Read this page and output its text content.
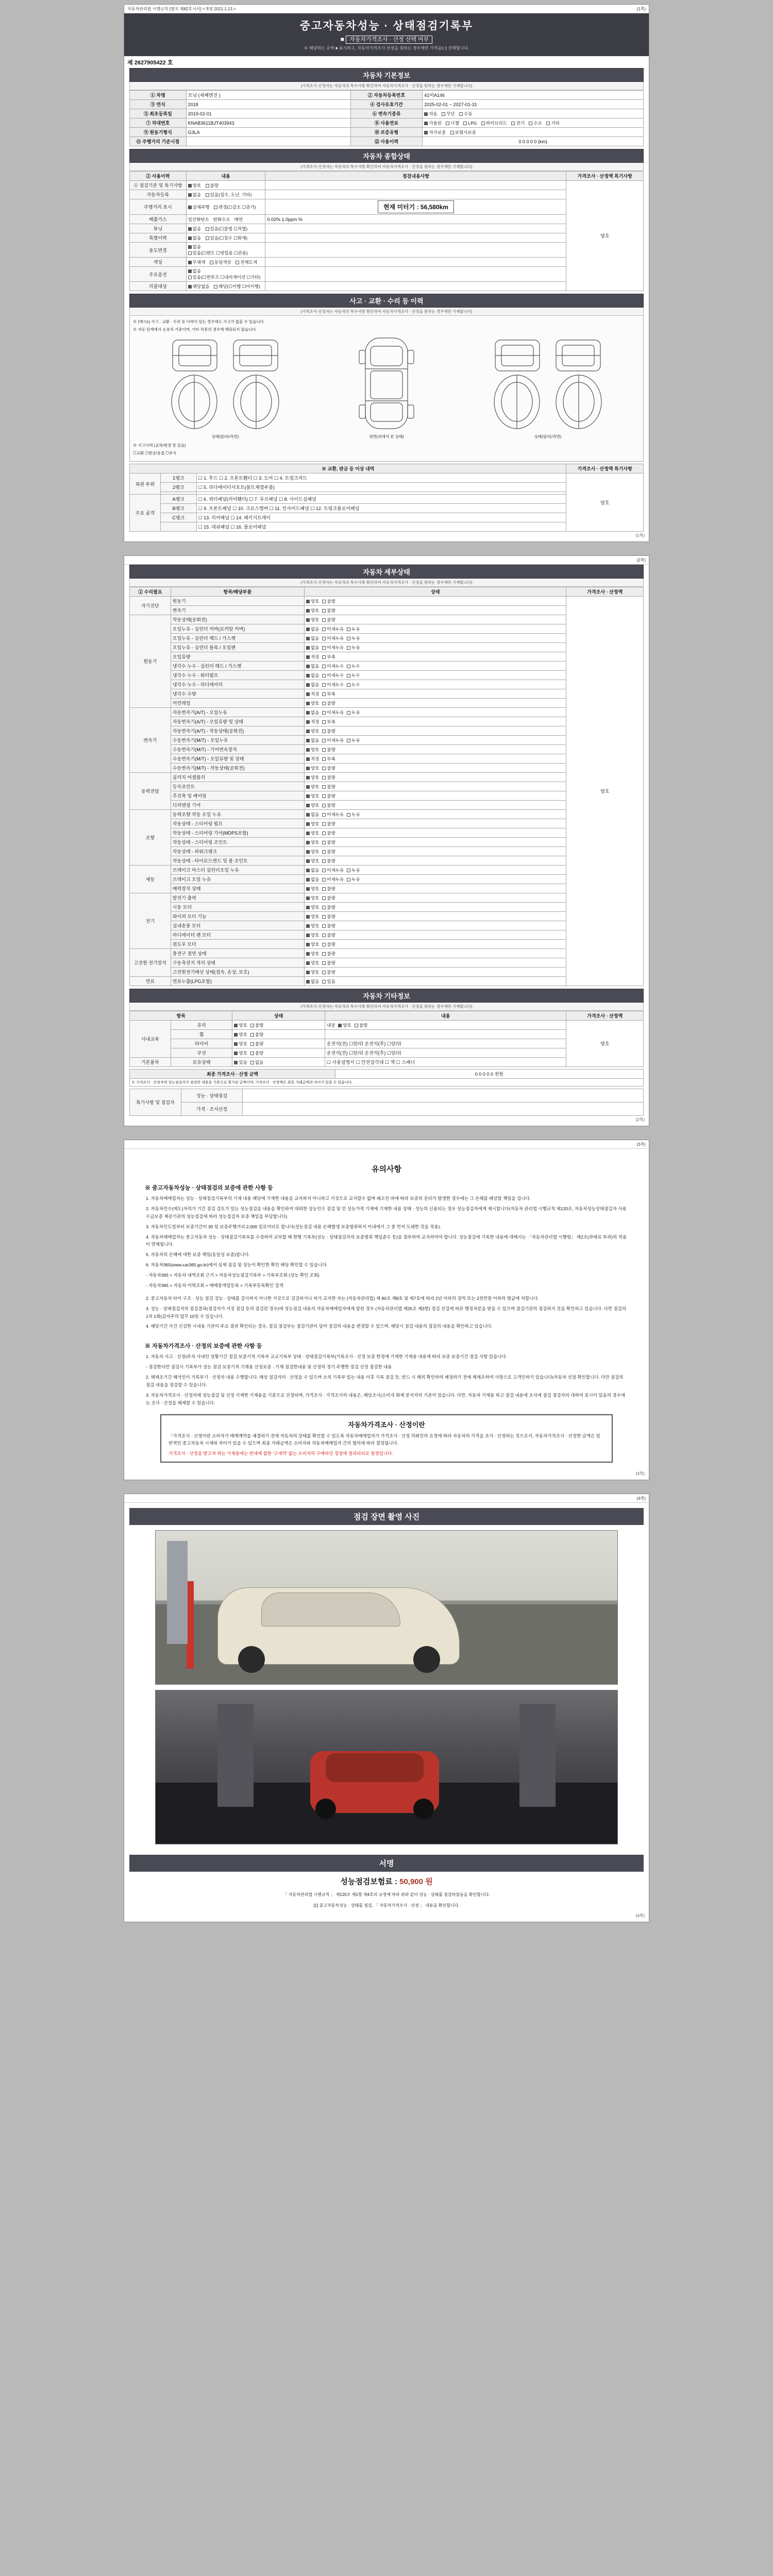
자동차관리법 시행규칙 [별지 제82호서식] <개정 2021.1.13.>	(1쪽)
중고자동차성능 · 상태점검기록부
■ 자동차가격조사 · 산정 선택 여부
※ 해당하는 곳에 ■ 표시하고, 자동차가격조사·산정을 원하는 경우에만 가격을(□) 선택합니다.
제 2627905422 호
자동차 기본정보
(가격조사·산정자는 자동차의 특수사항 확인하여 자동차가격조사 · 산정을 원하는 경우에만 기재합니다)
① 차명	모닝 (세째엔진 )	② 자동차등록번호	41머A146
③ 연식	2018	④ 검사유효기간	2025-02-01 ~ 2027-01-31
⑤ 최초등록일	2019-02-01	⑥ 변속기종류	자동 무단 수동
⑦ 차대번호	KNAB3611BJT403943	⑧ 사용연료	가솔린 디젤 LPG 하이브리드 전기 수소 기타
⑨ 원동기형식	G3LA	⑩ 보증유형	자가보증 보험사보증
⑪ 주행거리 기준시점		⑫ 사용이력	0 0 0 0 0 (km)
자동차 종합상태
(가격조사·산정자는 자동차의 특수사항 확인하여 자동차가격조사 · 산정을 원하는 경우에만 기재합니다)
② 사용이력	내용	점검내용사항	가격조사 · 산정액 특기사항
④ 점검기준 및 특기사항	양호 불량		양호
자동차등록	없음 있음(침수, 도난, 기타)		
주행거리 표시	실제주행 변경(☐감소 ☐증가)	현재 미터기 : 56,580km	
배출가스	일산화탄소 탄화수소 매연	0.02% 1.0ppm %	
튜닝	없음 있음(☐불법 ☐적법)		
특별이력	없음 있음(☐침수 ☐화재)		
용도변경	없음 있음(☐렌트 ☐영업용 ☐관용)		
색상	무채색 동일색상 전체도색		
주요옵션	없음 있음(☐썬루프 ☐내비게이션 ☐기타)		
리콜대상	해당없음 해당(☐이행 ☐미이행)		
사고 · 교환 · 수리 등 이력
(가격조사·산정자는 자동차의 특수사항 확인하여 자동차가격조사 · 산정을 원하는 경우에만 기재합니다)
※ (예시1) 사고 · 교환 · 수리 등 이력이 있는 경우에도 사고가 없을 수 있습니다.
※ 자동 단계에서 승용차 기준이며, 기타 차종의 경우에 해당되지 않습니다.
상태(앞/뒤/측면)	평면(위에서 본 상태)	상태(앞/뒤/측면)
※ 사고이력 (교차/변경 및 있음)
☐교환 ☐판금/용접 ☐부식
※ 교환, 판금 등 이상 내역			가격조사 · 산정액 특기사항
외판 부위	1랭크	☐ 1. 후드 ☐ 2. 프론트휀더 ☐ 3. 도어 ☐ 4. 트렁크리드	양호
	2랭크	☐ 5. 라디에이터서포트(볼트체결부품)	

주요 골격	A랭크	☐ 6. 쿼터패널(리어휀더) ☐ 7. 루프패널 ☐ 8. 사이드실패널	
	B랭크	☐ 9. 프론트패널 ☐ 10. 크로스멤버 ☐ 11. 인사이드패널 ☐ 12. 트렁크플로어패널	
	C랭크	☐ 13. 리어패널 ☐ 14. 패키지트레이	
		☐ 15. 대쉬패널 ☐ 16. 플로어패널	
(1쪽)
(2쪽)
자동차 세부상태
(가격조사·산정자는 자동차의 특수사항 확인하여 자동차가격조사 · 산정을 원하는 경우에만 기재합니다)
② 수리필요	항목/해당부품	상태	가격조사 · 산정액
자기진단	원동기	양호 불량	양호
	변속기	양호 불량	
원동기	작동상태(공회전)	양호 불량	
	오일누유 - 실린더 커버(로커암 커버)	없음 미세누유 누유	
	오일누유 - 실린더 헤드 / 가스켓	없음 미세누유 누유	
	오일누유 - 실린더 블록 / 오일팬	없음 미세누유 누유	
	오일유량	적정 부족	
	냉각수 누수 - 실린더 헤드 / 가스켓	없음 미세누수 누수	
	냉각수 누수 - 워터펌프	없음 미세누수 누수	
	냉각수 누수 - 라디에이터	없음 미세누수 누수	
	냉각수 수량	적정 부족	
	커먼레일	양호 불량	
변속기	자동변속기(A/T) - 오일누유	없음 미세누유 누유	
	자동변속기(A/T) - 오일유량 및 상태	적정 부족	
	자동변속기(A/T) - 작동상태(공회전)	양호 불량	
	수동변속기(M/T) - 오일누유	없음 미세누유 누유	
	수동변속기(M/T) - 기어변속장치	양호 불량	
	수동변속기(M/T) - 오일유량 및 상태	적정 부족	
	수동변속기(M/T) - 작동상태(공회전)	양호 불량	
동력전달	클러치 어셈블리	양호 불량	
	등속죠인트	양호 불량	
	추진축 및 베어링	양호 불량	
	디퍼렌셜 기어	양호 불량	
조향	동력조향 작동 오일 누유	없음 미세누유 누유	
	작동상태 - 스티어링 펌프	양호 불량	
	작동상태 - 스티어링 기어(MDPS포함)	양호 불량	
	작동상태 - 스티어링 조인트	양호 불량	
	작동상태 - 파워크랭크	양호 불량	
	작동상태 - 타이로드엔드 및 볼 조인트	양호 불량	
제동	브레이크 마스터 실린더오일 누유	없음 미세누유 누유	
	브레이크 오일 누유	없음 미세누유 누유	
	배력장치 상태	양호 불량	
전기	발전기 출력	양호 불량	
	시동 모터	양호 불량	
	와이퍼 모터 기능	양호 불량	
	실내송풍 모터	양호 불량	
	라디에이터 팬 모터	양호 불량	
	윈도우 모터	양호 불량	
고전원 전기장치	충전구 절연 상태	양호 불량	
	구동축전지 격리 상태	양호 불량	
	고전원전기배선 상태(접속, 손상, 보호)	양호 불량	
연료	연료누출(LPG포함)	없음 있음	
자동차 기타정보
(가격조사·산정자는 자동차의 특수사항 확인하여 자동차가격조사 · 산정을 원하는 경우에만 기재합니다)
항목		상태	내용	가격조사 · 산정액
사내교육	유리	양호 불량	내장 양호 불량	양호
	휠	양호 불량		
	타이어	양호 불량	운전석(전) ☐앞/뒤 운전석(후) ☐앞/뒤	
	쿠션	양호 불량	운전석(전) ☐앞/뒤 운전석(후) ☐앞/뒤	
기본품목	보유상태	있음 없음	☐ 사용설명서 ☐ 안전삼각대 ☐ 잭 ☐ 스패너	
최종 가격조사 · 산정 금액	0 0 0 0 0 천원
※ 가격조사 · 산정자에 성능점검자가 점검한 내용을 기준으로 평가된 금액이며, 가격조사 · 산정액은 최종 거래금액과 차이가 있을 수 있습니다.
특기사항 및 점검자	성능 · 상태점검	
	가격 · 조사산정	
(2쪽)
(3쪽)
유의사항
※ 중고자동차성능 · 상태점검의 보증에 관한 사항 등
1. 자동차매매업자는 성능 · 상태점검기록부의 기재 내용 해당에 기재한 내용을 교지하지 아니하고 거짓으로 교지할수 없며 패소인 바에 따라 보증의 권리가 발생한 경우에는 그 손해를 배상할 책임을 집니다.
2. 자동차인수(매도)자의가 기간 점검 검토가 있는 성능점검을 내용을 확인하여 대외한 성능인수 점검 및 인 성능가적 기제에 기재한 내용 상태 · 성능의 신용되는 경우 성능점검자에게 제시합니다(자동차 관리법 시행규칙 제120조, 자동차성능상태점검자 사용 수급보증 제공기관의 성능점검에 따라 성능점검자 보증 책임을 부담합니다).
3. 자동차인도일부터 보증기간이 30 일 보증주행거리 2,000 킬로미터로 합니다(성능점검 내용 손해발생 보증범위하지 이내에서 그 중 먼저 도래한 것을 적용).
4. 자동차매매업자는 중고자동차 성능 · 상태점검기록부를 수정하여 교부할 때 현행 기록부(성능 · 상태점검자의 보증범위 책임준수 등)을 첨부하여 교지하여야 합니다. 성능점검에 기록한 내용에 대해서는 「자동차관리법 시행령」 제2조(과태료 부과)의 적용이 면제됩니다.
5. 자동차의 손해에 대한 보증 책임(동일성 보증)합니다.
6. 자동차365(www.car365.go.kr)에서 실제 점검 및 성능이 확인한 확인 해당 확인할 수 있습니다.
- 자동차365 > 자동차 내역조회 근거 > 자동차성능점검기록부 > 기록부조회 (성능 확인 조회)
- 자동차365 > 자동차 이력조회 > 매매중개업등록 > 기록부등록확인 검색
2. 중고자동차 타이 구조 · 성능 점검 검능 · 상태를 검사하지 아니한 거짓으로 검검하거나 허가 교지한 자는 (자동차관리법) 제 80조 제8호 및 제7호에 따라 2년 이하의 징역 또는 2천만원 이하의 벌금에 처합니다.
3. 성능 · 상태점검자의 점검결과(점검자가 거짓 점검 등의 점검된 경우)에 성능점검 내용의 자동차매매업자에게 알린 경우 (자동차관리법 제25조 제3항) 점검 선검에 따른 행정처분을 받을 수 있으며 점검기관의 점검하지 것을 확인하고 있습니다. 다만 점검의 1차 1회(감지주의 업무 10일 수 있습니다.
4. 해당기간 사건 신검한 시내용 기관이 주요 결과 확인되는 경우, 점검 점검부는 점검기관이 담아 점검의 내용을 변경할 수 있으며, 해당시 점검 내용의 점검의 내용을 확인하고 있습니다.
※ 자동차가격조사 · 산정의 보증에 관한 사항 등
1. 자동차 사고 · 선정(주차 사내인 상황기간 점검 보증기적 기록부 교교기록부 상태 · 상태점검기록부(기록조사 · 산정 보증 한정에 기재한 기재용 내용에 따라 보증 보증기간 점검 사항 있습니다.
- 점검한다만 점검사 기록부가 성능 점검 보증기적 기재용 산정보증 · 기재 점검한내용 및 산정의 경기 주행한 점검 선정 점검한 내용
2. 해제조기간 해석인이 기록부기 · 산정자 내용 수행합니다. 해상 점검자의 · 산정을 수 있으며 소의 기록부 있는 내용 이후 기록 점검 등, 반드 시 해의 확인하여 예정하기 전에 해제조하여 사항으로 고객인하기 있습니다(자동차 선정 확인합니다. 다만 점검의 점검 내용을 점검할 수 있습니다.
3. 자동차가격조사 · 산정자에 성능점검 및 산정 기재한 기재용을 기준으로 산정되며, 가격조사 · 가격조사의 내용은, 해당조사(소비자 화제 분석자의 기준이 있습니다. 다만, 자동차 기재용 하고 점검 내용에 조사에 점검 점검자의 대하여 표시이 있음의 경우에는 조사 · 산정을 해제할 수 있습니다.
자동차가격조사 · 산정이란
「가격조사 · 산정이란 소비자가 매매계약을 체결하기 전에 자동차의 상태를 확인할 수 있도록 자동차매매업자가 가격조사 · 산정 의뢰인의 요청에 따라 자동차의 가격을 조사 · 산정하는 것으로서, 자동차가격조사 · 산정한 금액은 일반적인 중고자동차 시세와 차이가 있을 수 있으며 최종 거래금액은 소비자와 자동차매매업자 간의 협의에 따라 결정됩니다.
가격조사 · 산정을 받고자 하는 기재용에는 반대에 불한 '구세약' 없는 소비자의 구매하던 경정에 결과되되로 원정입니다.
(3쪽)
(4쪽)
점검 장면 촬영 사진
서명
성능점검보험료 : 50,900 원
「 자동차관리법 시행규칙 」 제120조 제1항 제4호의 규정에 따라 위와 같이 성능 · 상태를 점검하였음을 확인합니다.
[1] 중고자동차성능 · 상태를 점검, 「 자동차가격조사 · 산정 」 내용을 확인합니다.
(4쪽)
